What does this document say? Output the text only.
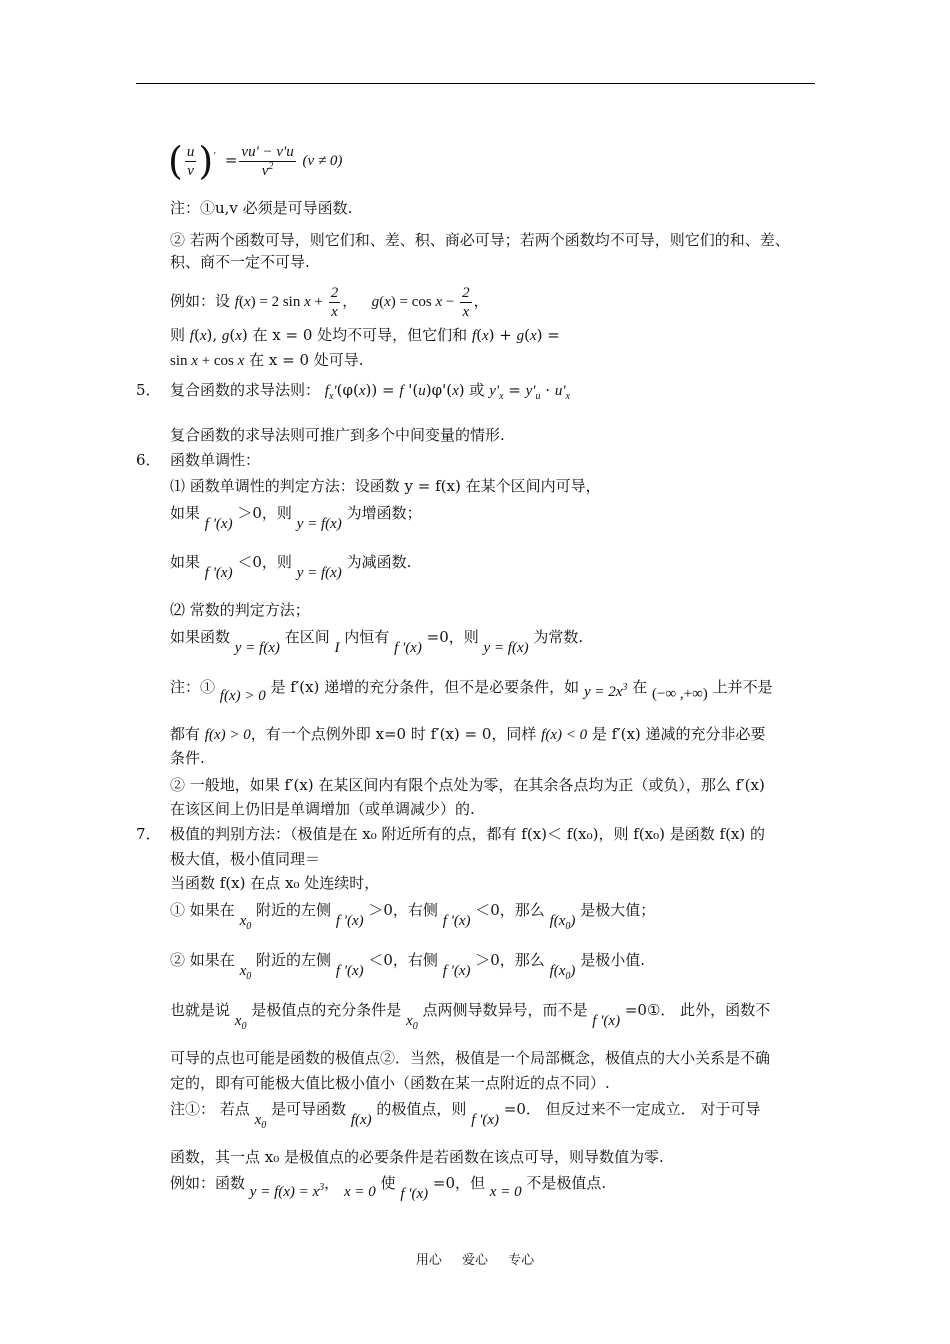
( $\frac{u}{v} )' = \frac{vu' - v'u}{v^2} (v \ne 0)$
注：①u,v 必须是可导函数.
② 若两个函数可导，则它们和、差、积、商必可导；若两个函数均不可导，则它们的和、差、
积、商不一定不可导.
例如：设 f(x) = 2 $\sin x + \frac{2}{x}$ ，   $g(x) = \cos x - \frac{2}{x}$ ，
则 f(x), g(x) 在 x = 0 处均不可导，但它们和 f(x) + g(x) =
sin x + cos x 在 x = 0 处可导.
5． 复合函数的求导法则： $f_x'(\varphi(x)) = f$ '(u)φ'(x) 或 $y'_x = y'_u \cdot u'_x$
复合函数的求导法则可推广到多个中间变量的情形.
6． 函数单调性：
⑴ 函数单调性的判定方法：设函数 y = f(x) 在某个区间内可导，
如果 f '(x) ＞0，则 y = f(x) 为增函数；
如果 f '(x) ＜0，则 y = f(x) 为减函数.
⑵ 常数的判定方法；
如果函数 y = f(x) 在区间 I 内恒有 f '(x) =0，则 y = f(x) 为常数.
注：① f(x) > 0 是 f′(x) 递增的充分条件，但不是必要条件，如 $y = 2x^3$ 在 (−∞ ,+∞) 上并不是
都有 f(x) > 0，有一个点例外即 x=0 时 f′(x) = 0，同样 f(x) < 0 是 f′(x) 递减的充分非必要
条件.
② 一般地，如果 f′(x) 在某区间内有限个点处为零，在其余各点均为正（或负），那么 f′(x)
在该区间上仍旧是单调增加（或单调减少）的.
7． 极值的判别方法：（极值是在 x₀ 附近所有的点，都有 f(x)＜ f(x₀)，则 f(x₀) 是函数 f(x) 的
极大值，极小值同理＝
当函数 f(x) 在点 x₀ 处连续时，
① 如果在 $x_0$ 附近的左侧 f '(x) ＞0，右侧 f '(x) ＜0，那么 $f(x_0)$ 是极大值；
② 如果在 $x_0$ 附近的左侧 f '(x) ＜0，右侧 f '(x) ＞0，那么 $f(x_0)$ 是极小值.
也就是说 $x_0$ 是极值点的充分条件是 $x_0$ 点两侧导数异号，而不是 f '(x) =0①． 此外，函数不
可导的点也可能是函数的极值点②．当然，极值是一个局部概念，极值点的大小关系是不确
定的，即有可能极大值比极小值小（函数在某一点附近的点不同）.
注①： 若点 $x_0$ 是可导函数 f(x) 的极值点，则 f '(x) =0． 但反过来不一定成立． 对于可导
函数，其一点 x₀ 是极值点的必要条件是若函数在该点可导，则导数值为零.
例如：函数 $y = f(x) = x^3$， x = 0 使 f '(x) =0，但 x = 0 不是极值点.
用心 爱心 专心
